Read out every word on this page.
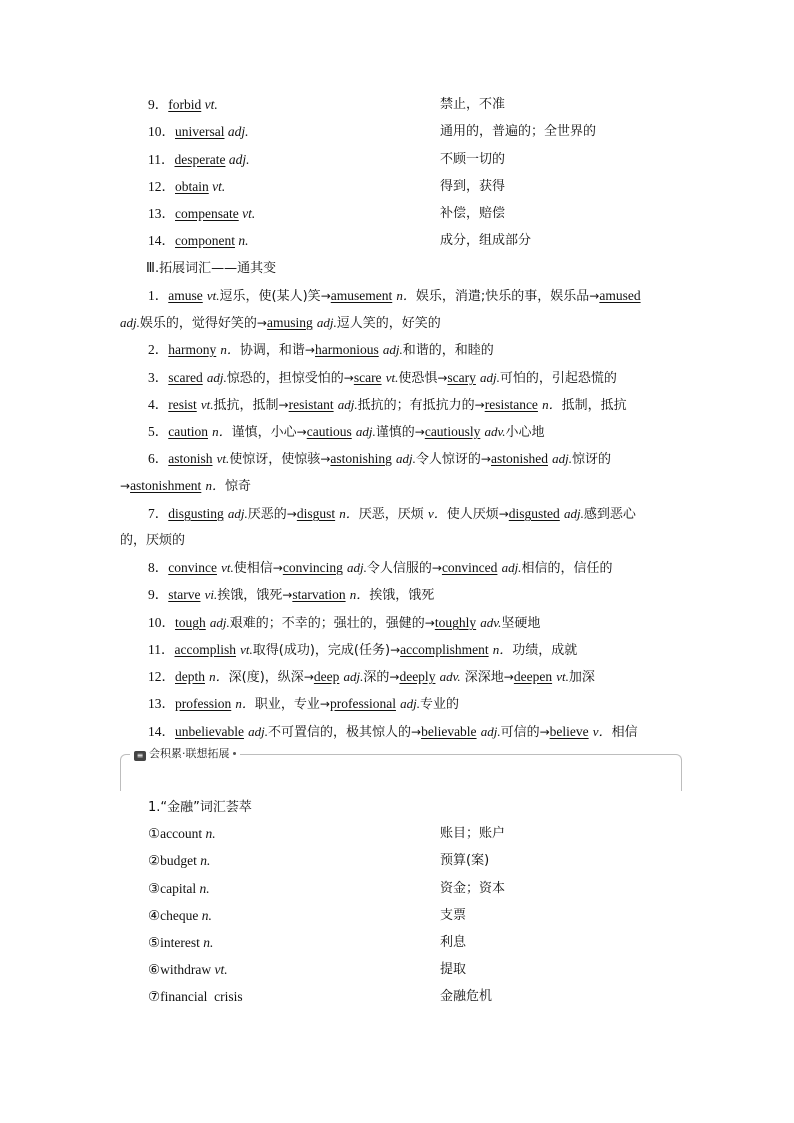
9．forbid vt.	禁止，不准
10．universal adj.	通用的，普遍的；全世界的
11．desperate adj.	不顾一切的
12．obtain vt.	得到，获得
13．compensate vt.	补偿，赔偿
14．component n.	成分，组成部分
Ⅲ.拓展词汇——通其变
1．amuse vt.逗乐，使(某人)笑→amusement n．娱乐，消遣;快乐的事，娱乐品→amused
adj.娱乐的，觉得好笑的→amusing adj.逗人笑的，好笑的
2．harmony n．协调，和谐→harmonious adj.和谐的，和睦的
3．scared adj.惊恐的，担惊受怕的→scare vt.使恐惧→scary adj.可怕的，引起恐慌的
4．resist vt.抵抗，抵制→resistant adj.抵抗的；有抵抗力的→resistance n．抵制，抵抗
5．caution n．谨慎，小心→cautious adj.谨慎的→cautiously adv.小心地
6．astonish vt.使惊讶，使惊骇→astonishing adj.令人惊讶的→astonished adj.惊讶的
→astonishment n．惊奇
7．disgusting adj.厌恶的→disgust n．厌恶，厌烦 v．使人厌烦→disgusted adj.感到恶心
的，厌烦的
8．convince vt.使相信→convincing adj.令人信服的→convinced adj.相信的，信任的
9．starve vi.挨饿，饿死→starvation n．挨饿，饿死
10．tough adj.艰难的；不幸的；强壮的，强健的→toughly adv.坚硬地
11．accomplish vt.取得(成功)，完成(任务)→accomplishment n．功绩，成就
12．depth n．深(度)，纵深→deep adj.深的→deeply adv. 深深地→deepen vt.加深
13．profession n．职业，专业→professional adj.专业的
14．unbelievable adj.不可置信的，极其惊人的→believable adj.可信的→believe v．相信
≡ 会积累·联想拓展
1.“金融”词汇荟萃
①account n.	账目；账户
②budget n.	预算(案)
③capital n.	资金；资本
④cheque n.	支票
⑤interest n.	利息
⑥withdraw vt.	提取
⑦financial  crisis	金融危机
